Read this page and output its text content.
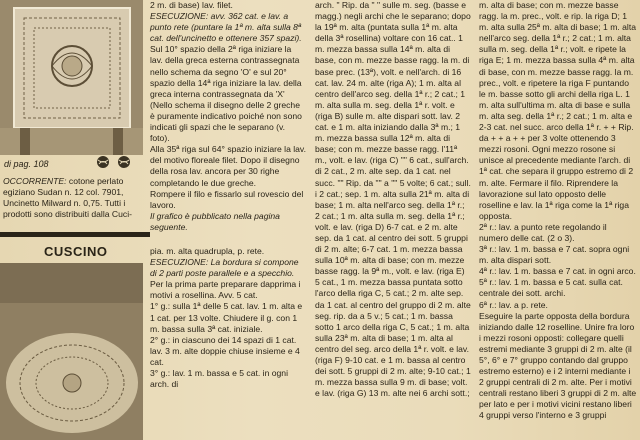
di pag. 108

OCCORRENTE: cotone perlato egiziano Sudan n. 12 col. 7901, Uncinetto Milward n. 0,75. Tutti i prodotti sono distribuiti dalla Cuci-

CUSCINO

2 m. di base) lav. filet.

ESECUZIONE: avv. 362 cat. e lav. a punto rete (puntare la 1ª m. alta sulla 8ª cat. dell'uncinetto e ottenere 357 spazi).

Sul 10° spazio della 2ª riga iniziare la lav. della greca esterna contrassegnata nello schema da segno 'O' e sul 20° spazio della 14ª riga iniziare la lav. della greca interna contrassegnata da 'X' (Nello schema il disegno delle 2 greche è puramente indicativo poiché non sono indicati gli spazi che le separano (v. foto).

Alla 35ª riga sul 64° spazio iniziare la lav. del motivo floreale filet. Dopo il disegno della rosa lav. ancora per 30 righe completando le due greche.

Rompere il filo e fissarlo sul rovescio del lavoro.

Il grafico è pubblicato nella pagina seguente.

pia. m. alta quadrupla, p. rete.

ESECUZIONE: La bordura si compone di 2 parti poste parallele e a specchio.

Per la prima parte preparare dapprima i motivi a rosellina. Avv. 5 cat.

1° g.: sulla 1ª delle 5 cat. lav. 1 m. alta e 1 cat. per 13 volte. Chiudere il g. con 1 m. bassa sulla 3ª cat. iniziale.

2° g.: in ciascuno dei 14 spazi di 1 cat. lav. 3 m. alte doppie chiuse insieme e 4 cat.

3° g.: lav. 1 m. bassa e 5 cat. in ogni arch. di

arch. " Rip. da " " sulle m. seg. (basse e magg.) negli archi che le separano; dopo la 19ª m. alta (puntata sulla 1ª m. alta della 3ª rosellina) voltare con 16 cat.. 1 m. mezza bassa sulla 14ª m. alta di base, con m. mezze basse ragg. la m. di base prec. (13ª), volt. e nell'arch. di 16 cat. lav. 24 m. alte (riga A); 1 m. alta al centro dell'arco seg. della 1ª r.; 2 cat.; 1 m. alta sulla m. seg. della 1ª r. volt. e (riga B) sulle m. alte dispari sott. lav. 2 cat. e 1 m. alta iniziando dalla 3ª m.; 1 m. mezza bassa sulla 12ª m. alta di base; con m. mezze basse ragg. l'11ª m., volt. e lav. (riga C) "" 6 cat., sull'arch. di 2 cat., 2 m. alte sep. da 1 cat. nel succ. "" Rip. da "" a "" 5 volte; 6 cat.; sull. i 2 cat.; sep. 1 m. alta sulla 21ª m. alta di base; 1 m. alta nell'arco seg. della 1ª r.; 2 cat.; 1 m. alta sulla m. seg. della 1ª r.; volt. e lav. (riga D) 6-7 cat. e 2 m. alte sep. da 1 cat. al centro dei sott. 5 gruppi di 2 m. alte; 6-7 cat. 1 m. mezza bassa sulla 10ª m. alta di base; con m. mezze basse ragg. la 9ª m., volt. e lav. (riga E) 5 cat., 1 m. mezza bassa puntata sotto l'arco della riga C, 5 cat.; 2 m. alte sep. da 1 cat. al centro del gruppo di 2 m. alte seg. rip. da a 5 v.; 5 cat.; 1 m. bassa sotto 1 arco della riga C, 5 cat.; 1 m. alta sulla 23ª m. alta di base; 1 m. alta al centro del seg. arco della 1ª r. volt. e lav. (riga F) 9-10 cat. e 1 m. bassa al centro dei sott. 5 gruppi di 2 m. alte; 9-10 cat.; 1 m. mezza bassa sulla 9 m. di base; volt. e lav. (riga G) 13 m. alte nei 6 archi sott.;

m. alta di base; con m. mezze basse ragg. la m. prec., volt. e rip. la riga D; 1 m. alta sulla 25ª m. alta di base; 1 m. alta nell'arco seg. della 1ª r.; 2 cat.; 1 m. alta sulla m. seg. della 1ª r.; volt. e ripete la riga E; 1 m. mezza bassa sulla 4ª m. alta di base, con m. mezze basse ragg. la m. prec., volt. e ripetere la riga F puntando le m. basse sotto gli archi della riga L. 1 m. alta sull'ultima m. alta di base e sulla m. alta seg. della 1ª r.; 2 cat.; 1 m. alta e 2-3 cat. nel succ. arco della 1ª r. + + Rip. da + + a + + per 3 volte ottenendo 3 mezzi rosoni. Ogni mezzo rosone si unisce al precedente mediante l'arch. di 1ª cat. che separa il gruppo estremo di 2 m. alte. Fermare il filo. Riprendere la lavorazione sul lato opposto delle roselline e lav. la 1ª riga come la 1ª riga opposta.

2ª r.: lav. a punto rete regolando il numero delle cat. (2 o 3).

3ª r.: lav. 1 m. bassa e 7 cat. sopra ogni m. alta dispari sott.

4ª r.: lav. 1 m. bassa e 7 cat. in ogni arco.

5ª r.: lav. 1 m. bassa e 5 cat. sulla cat. centrale dei sott. archi.

6ª r.: lav. a p. rete.

Eseguire la parte opposta della bordura iniziando dalle 12 roselline. Unire fra loro i mezzi rosoni opposti: collegare quelli estremi mediante 3 gruppi di 2 m. alte (il 5°, 6° e 7° gruppo contando dal gruppo estremo esterno) e i 2 interni mediante i 2 gruppi centrali di 2 m. alte. Per i motivi centrali restano liberi 3 gruppi di 2 m. alte per lato e per i motivi vicini restano liberi 4 gruppi verso l'interno e 3 gruppi
